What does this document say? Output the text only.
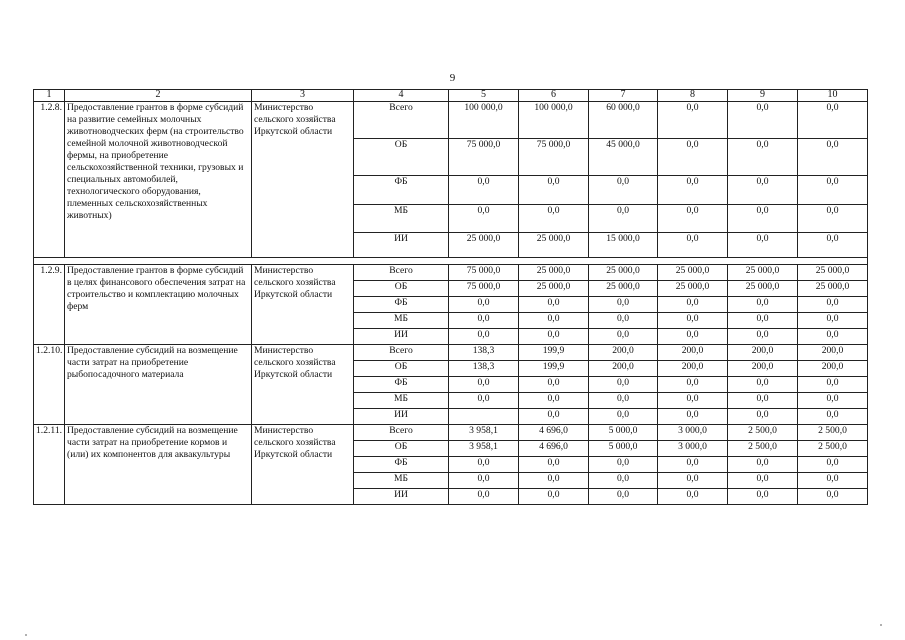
9
1	2	3	4	5	6	7	8	9	10
1.2.8.	Предоставление грантов в форме субсидий на развитие семейных молочных животноводческих ферм (на строительство семейной молочной животноводческой фермы, на приобретение сельскохозяйственной техники, грузовых и специальных автомобилей, технологического оборудования, племенных сельскохозяйственных животных)	Министерство сельского хозяйства Иркутской области	Всего	100 000,0	100 000,0	60 000,0	0,0	0,0	0,0
			ОБ	75 000,0	75 000,0	45 000,0	0,0	0,0	0,0
			ФБ	0,0	0,0	0,0	0,0	0,0	0,0
			МБ	0,0	0,0	0,0	0,0	0,0	0,0
			ИИ	25 000,0	25 000,0	15 000,0	0,0	0,0	0,0

1.2.9.	Предоставление грантов в форме субсидий в целях финансового обеспечения затрат на строительство и комплектацию молочных ферм	Министерство сельского хозяйства Иркутской области	Всего	75 000,0	25 000,0	25 000,0	25 000,0	25 000,0	25 000,0
			ОБ	75 000,0	25 000,0	25 000,0	25 000,0	25 000,0	25 000,0
			ФБ	0,0	0,0	0,0	0,0	0,0	0,0
			МБ	0,0	0,0	0,0	0,0	0,0	0,0
			ИИ	0,0	0,0	0,0	0,0	0,0	0,0
1.2.10.	Предоставление субсидий на возмещение части затрат на приобретение рыбопосадочного материала	Министерство сельского хозяйства Иркутской области	Всего	138,3	199,9	200,0	200,0	200,0	200,0
			ОБ	138,3	199,9	200,0	200,0	200,0	200,0
			ФБ	0,0	0,0	0,0	0,0	0,0	0,0
			МБ	0,0	0,0	0,0	0,0	0,0	0,0
			ИИ		0,0	0,0	0,0	0,0	0,0
1.2.11.	Предоставление субсидий на возмещение части затрат на приобретение кормов и (или) их компонентов для аквакультуры	Министерство сельского хозяйства Иркутской области	Всего	3 958,1	4 696,0	5 000,0	3 000,0	2 500,0	2 500,0
			ОБ	3 958,1	4 696,0	5 000,0	3 000,0	2 500,0	2 500,0
			ФБ	0,0	0,0	0,0	0,0	0,0	0,0
			МБ	0,0	0,0	0,0	0,0	0,0	0,0
			ИИ	0,0	0,0	0,0	0,0	0,0	0,0
